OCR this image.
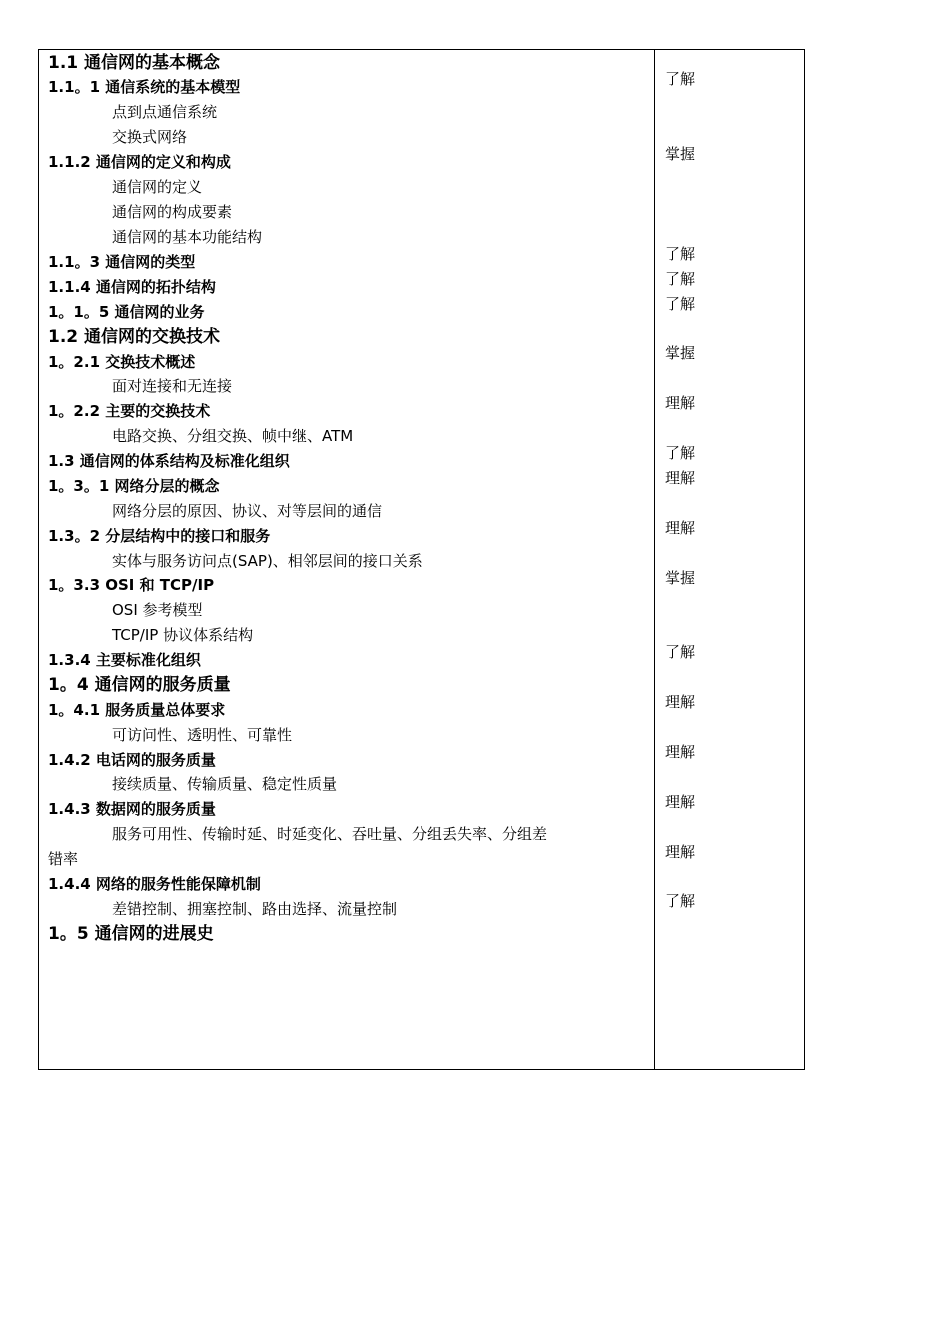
1.1 通信网的基本概念
1.1。1 通信系统的基本模型
点到点通信系统
交换式网络
1.1.2 通信网的定义和构成
通信网的定义
通信网的构成要素
通信网的基本功能结构
1.1。3 通信网的类型
1.1.4 通信网的拓扑结构
1。1。5 通信网的业务
1.2 通信网的交换技术
1。2.1 交换技术概述
面对连接和无连接
1。2.2 主要的交换技术
电路交换、分组交换、帧中继、ATM
1.3 通信网的体系结构及标准化组织
1。3。1 网络分层的概念
网络分层的原因、协议、对等层间的通信
1.3。2 分层结构中的接口和服务
实体与服务访问点(SAP)、相邻层间的接口关系
1。3.3 OSI 和 TCP/IP
OSI 参考模型
TCP/IP 协议体系结构
1.3.4 主要标准化组织
1。4 通信网的服务质量
1。4.1 服务质量总体要求
可访问性、透明性、可靠性
1.4.2 电话网的服务质量
接续质量、传输质量、稳定性质量
1.4.3 数据网的服务质量
服务可用性、传输时延、时延变化、吞吐量、分组丢失率、分组差
错率
1.4.4 网络的服务性能保障机制
差错控制、拥塞控制、路由选择、流量控制
1。5 通信网的进展史
了解
掌握
了解
了解
了解
掌握
理解
了解
理解
理解
掌握
了解
理解
理解
理解
理解
了解
